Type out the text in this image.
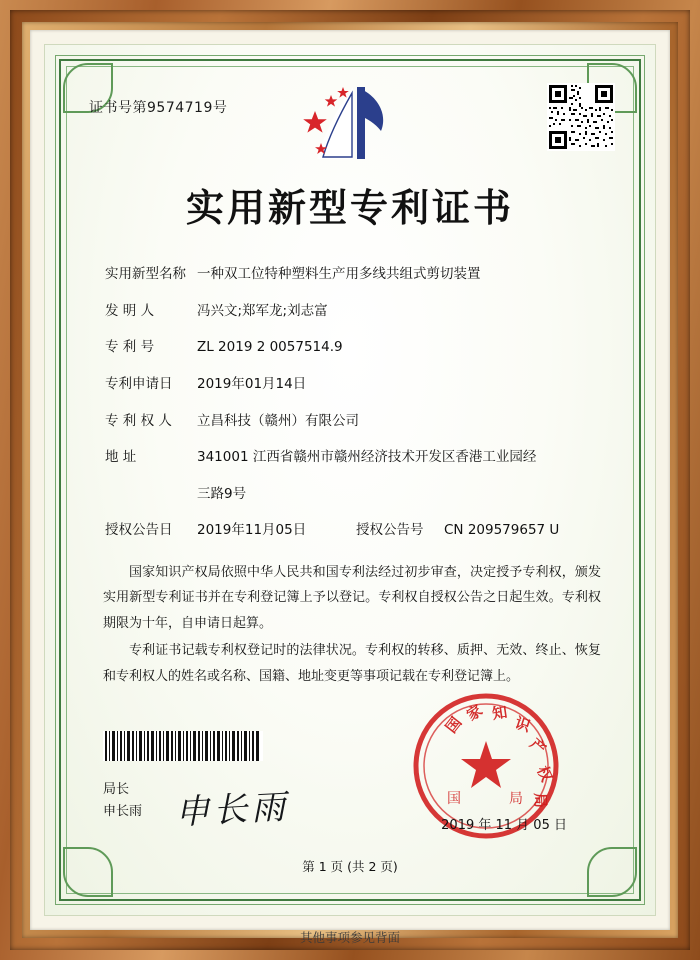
证书号第9574719号
实用新型专利证书
实用新型名称 一种双工位特种塑料生产用多线共组式剪切装置
发 明 人	冯兴文;郑军龙;刘志富
专 利 号	ZL 2019 2 0057514.9
专利申请日	2019年01月14日
专 利 权 人	立昌科技（赣州）有限公司
地 址	341001 江西省赣州市赣州经济技术开发区香港工业园经
三路9号
授权公告日	2019年11月05日	授权公告号	CN 209579657 U

国家知识产权局依照中华人民共和国专利法经过初步审查，决定授予专利权，颁发实用新型专利证书并在专利登记簿上予以登记。专利权自授权公告之日起生效。专利权期限为十年，自申请日起算。

专利证书记载专利权登记时的法律状况。专利权的转移、质押、无效、终止、恢复和专利权人的姓名或名称、国籍、地址变更等事项记载在专利登记簿上。

局长
申长雨 申长雨
国
家 知
识
产
权
局
国	局
2019 年 11 月 05 日
第 1 页 (共 2 页)
其他事项参见背面
